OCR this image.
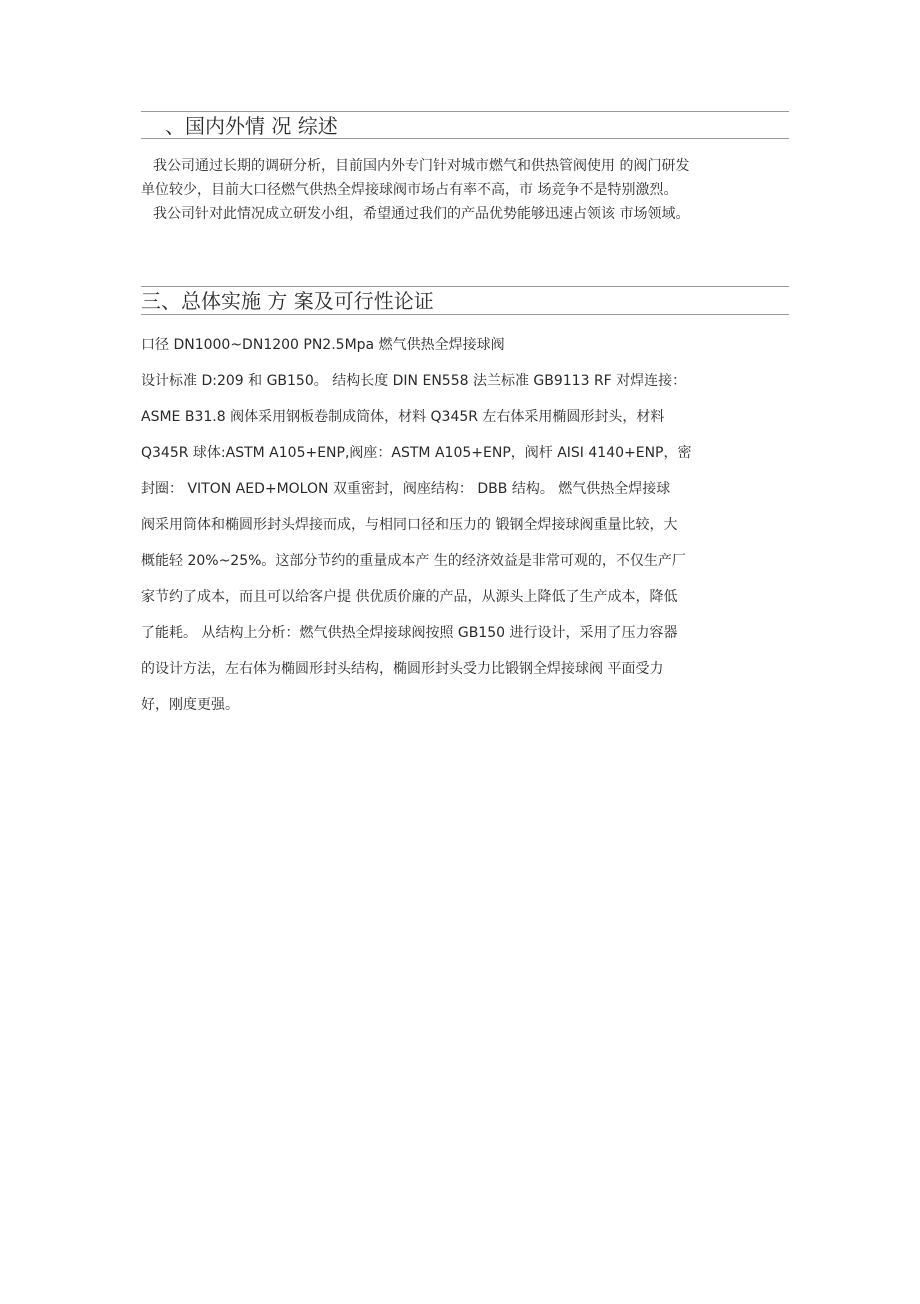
、国内外情 况 综述
我公司通过长期的调研分析，目前国内外专门针对城市燃气和供热管阀使用 的阀门研发
单位较少，目前大口径燃气供热全焊接球阀市场占有率不高，市 场竞争不是特别激烈。
我公司针对此情况成立研发小组，希望通过我们的产品优势能够迅速占领该 市场领域。
三、总体实施 方 案及可行性论证
口径 DN1000~DN1200 PN2.5Mpa 燃气供热全焊接球阀
设计标准 D:209 和 GB150。 结构长度 DIN EN558 法兰标准 GB9113 RF 对焊连接：
ASME B31.8 阀体采用钢板卷制成筒体，材料 Q345R 左右体采用椭圆形封头，材料
Q345R 球体:ASTM A105+ENP,阀座：ASTM A105+ENP，阀杆 AISI 4140+ENP，密
封圈： VITON AED+MOLON 双重密封，阀座结构： DBB 结构。 燃气供热全焊接球
阀采用筒体和椭圆形封头焊接而成，与相同口径和压力的 锻钢全焊接球阀重量比较，大
概能轻 20%~25%。这部分节约的重量成本产 生的经济效益是非常可观的，不仅生产厂
家节约了成本，而且可以给客户提 供优质价廉的产品，从源头上降低了生产成本，降低
了能耗。 从结构上分析：燃气供热全焊接球阀按照 GB150 进行设计，采用了压力容器
的设计方法，左右体为椭圆形封头结构，椭圆形封头受力比锻钢全焊接球阀 平面受力
好，刚度更强。
